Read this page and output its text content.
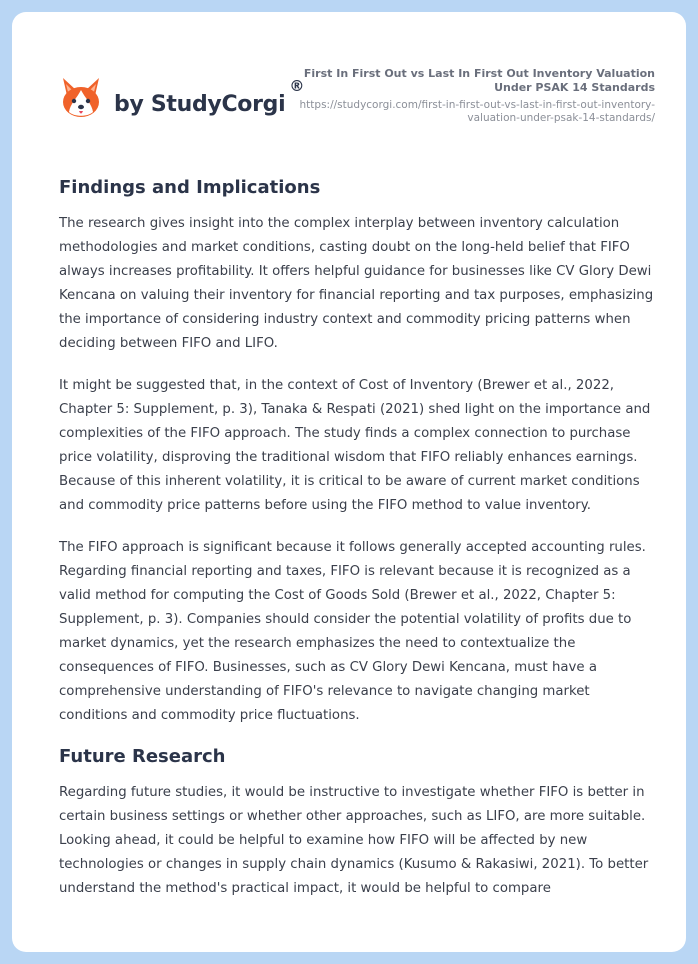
by StudyCorgi
®
First In First Out vs Last In First Out Inventory Valuation Under PSAK 14 Standards
https://studycorgi.com/first-in-first-out-vs-last-in-first-out-inventory-valuation-under-psak-14-standards/
Findings and Implications

The research gives insight into the complex interplay between inventory calculation methodologies and market conditions, casting doubt on the long-held belief that FIFO always increases profitability. It offers helpful guidance for businesses like CV Glory Dewi Kencana on valuing their inventory for financial reporting and tax purposes, emphasizing the importance of considering industry context and commodity pricing patterns when deciding between FIFO and LIFO.

It might be suggested that, in the context of Cost of Inventory (Brewer et al., 2022, Chapter 5: Supplement, p. 3), Tanaka & Respati (2021) shed light on the importance and complexities of the FIFO approach. The study finds a complex connection to purchase price volatility, disproving the traditional wisdom that FIFO reliably enhances earnings. Because of this inherent volatility, it is critical to be aware of current market conditions and commodity price patterns before using the FIFO method to value inventory.

The FIFO approach is significant because it follows generally accepted accounting rules. Regarding financial reporting and taxes, FIFO is relevant because it is recognized as a valid method for computing the Cost of Goods Sold (Brewer et al., 2022, Chapter 5: Supplement, p. 3). Companies should consider the potential volatility of profits due to market dynamics, yet the research emphasizes the need to contextualize the consequences of FIFO. Businesses, such as CV Glory Dewi Kencana, must have a comprehensive understanding of FIFO's relevance to navigate changing market conditions and commodity price fluctuations.

Future Research

Regarding future studies, it would be instructive to investigate whether FIFO is better in certain business settings or whether other approaches, such as LIFO, are more suitable. Looking ahead, it could be helpful to examine how FIFO will be affected by new technologies or changes in supply chain dynamics (Kusumo & Rakasiwi, 2021). To better understand the method's practical impact, it would be helpful to compare
